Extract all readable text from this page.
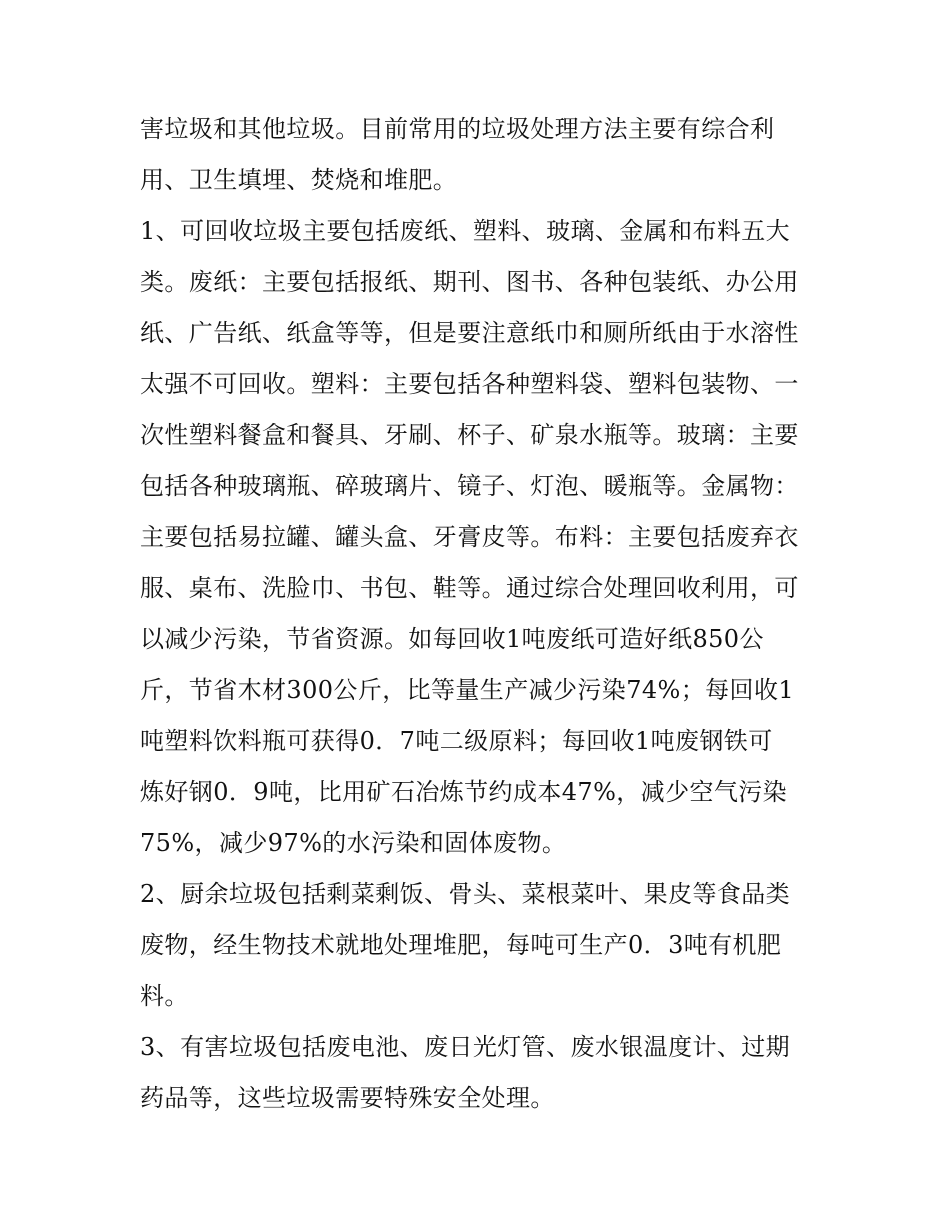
害垃圾和其他垃圾。目前常用的垃圾处理方法主要有综合利
用、卫生填埋、焚烧和堆肥。
1、可回收垃圾主要包括废纸、塑料、玻璃、金属和布料五大
类。废纸：主要包括报纸、期刊、图书、各种包装纸、办公用
纸、广告纸、纸盒等等，但是要注意纸巾和厕所纸由于水溶性
太强不可回收。塑料：主要包括各种塑料袋、塑料包装物、一
次性塑料餐盒和餐具、牙刷、杯子、矿泉水瓶等。玻璃：主要
包括各种玻璃瓶、碎玻璃片、镜子、灯泡、暖瓶等。金属物：
主要包括易拉罐、罐头盒、牙膏皮等。布料：主要包括废弃衣
服、桌布、洗脸巾、书包、鞋等。通过综合处理回收利用，可
以减少污染，节省资源。如每回收1吨废纸可造好纸850公
斤，节省木材300公斤，比等量生产减少污染74%；每回收1
吨塑料饮料瓶可获得0．7吨二级原料；每回收1吨废钢铁可
炼好钢0．9吨，比用矿石冶炼节约成本47%，减少空气污染
75%，减少97%的水污染和固体废物。
2、厨余垃圾包括剩菜剩饭、骨头、菜根菜叶、果皮等食品类
废物，经生物技术就地处理堆肥，每吨可生产0．3吨有机肥
料。
3、有害垃圾包括废电池、废日光灯管、废水银温度计、过期
药品等，这些垃圾需要特殊安全处理。
